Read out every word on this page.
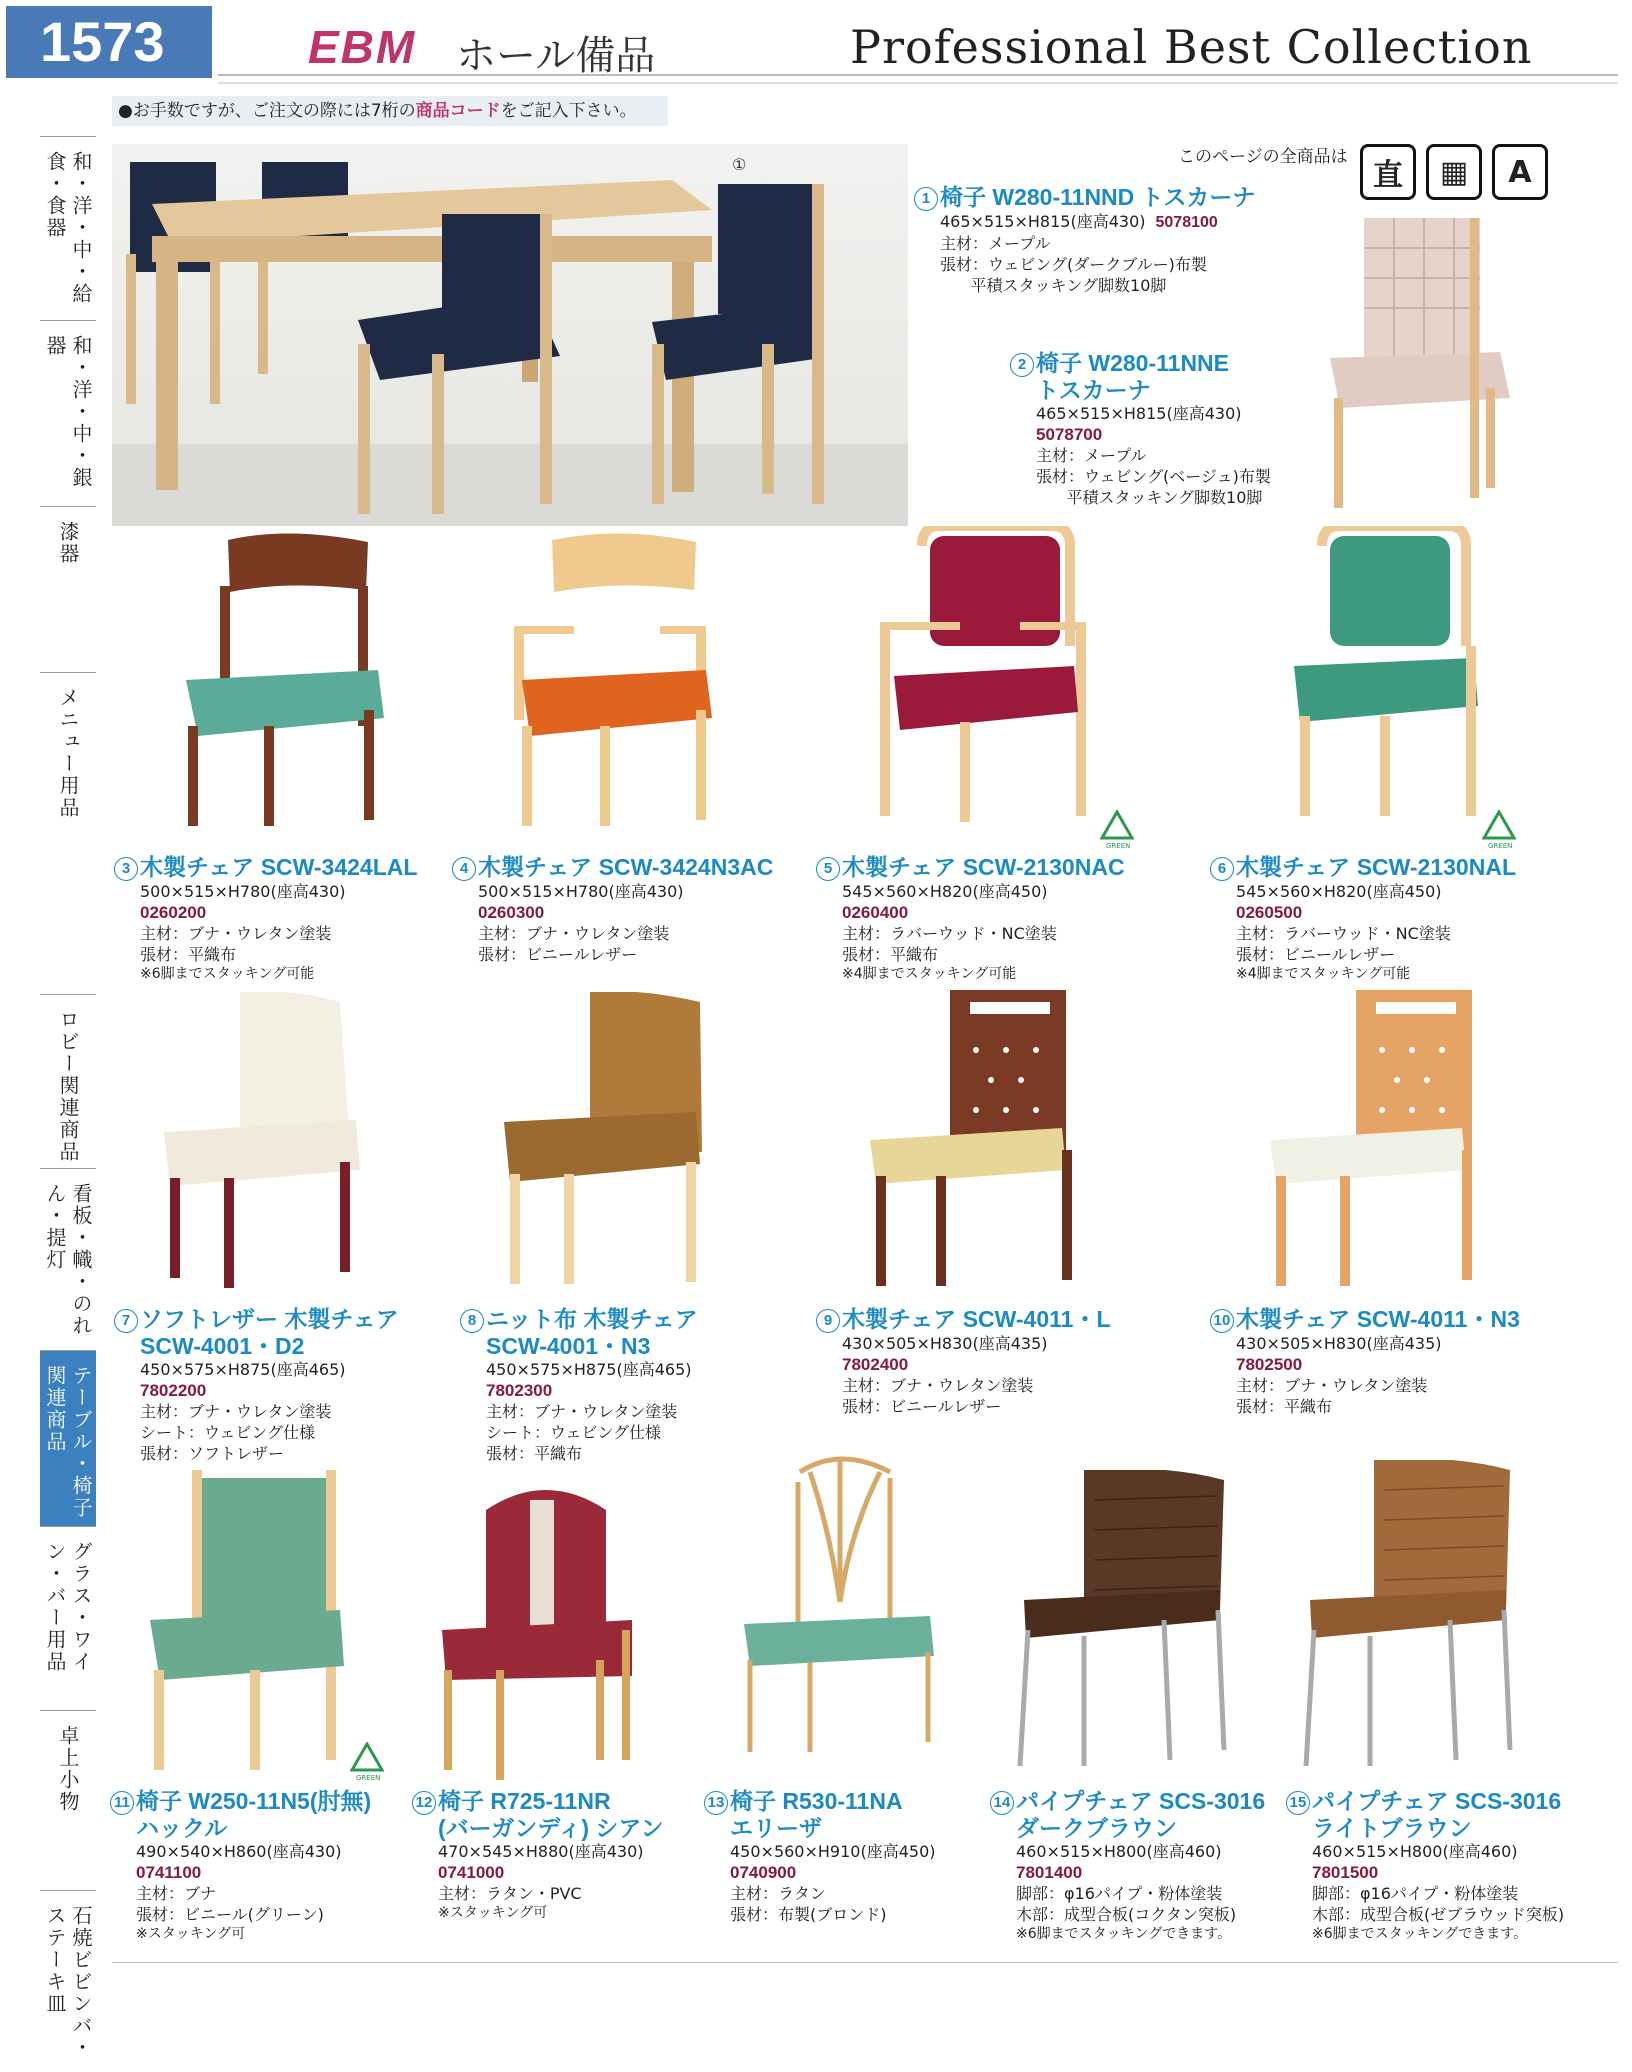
1573	EBM ホール備品	Professional Best Collection
●お手数ですが、ご注文の際には7桁の商品コードをご記入下さい。
和・洋・中・給食・食器
和・洋・中・銀器
漆器
メニュー用品
ロビー関連商品
看板・幟・のれん・提灯
テーブル・椅子関連商品
グラス・ワイン・バー用品
卓上小物
石焼ビビンバ・ステーキ皿
このページの全商品は
直	▦	A
①
GREEN	GREEN
GREEN
1 椅子 W280-11NND トスカーナ
465×515×H815(座高430) 5078100
主材：メープル
張材：ウェビング(ダークブルー)布製
平積スタッキング脚数10脚
2 椅子 W280-11NNE
トスカーナ
465×515×H815(座高430)
5078700
主材：メープル
張材：ウェビング(ベージュ)布製
平積スタッキング脚数10脚
3 木製チェア SCW-3424LAL
500×515×H780(座高430)
0260200
主材：ブナ・ウレタン塗装
張材：平織布
※6脚までスタッキング可能
4 木製チェア SCW-3424N3AC
500×515×H780(座高430)
0260300
主材：ブナ・ウレタン塗装
張材：ビニールレザー
5 木製チェア SCW-2130NAC
545×560×H820(座高450)
0260400
主材：ラバーウッド・NC塗装
張材：平織布
※4脚までスタッキング可能
6 木製チェア SCW-2130NAL
545×560×H820(座高450)
0260500
主材：ラバーウッド・NC塗装
張材：ビニールレザー
※4脚までスタッキング可能
7 ソフトレザー 木製チェア
SCW-4001・D2
450×575×H875(座高465)
7802200
主材：ブナ・ウレタン塗装
シート：ウェビング仕様
張材：ソフトレザー
8 ニット布 木製チェア
SCW-4001・N3
450×575×H875(座高465)
7802300
主材：ブナ・ウレタン塗装
シート：ウェビング仕様
張材：平織布
9 木製チェア SCW-4011・L
430×505×H830(座高435)
7802400
主材：ブナ・ウレタン塗装
張材：ビニールレザー
10 木製チェア SCW-4011・N3
430×505×H830(座高435)
7802500
主材：ブナ・ウレタン塗装
張材：平織布
11 椅子 W250-11N5(肘無)
ハックル
490×540×H860(座高430)
0741100
主材：ブナ
張材：ビニール(グリーン)
※スタッキング可
12 椅子 R725-11NR
(バーガンディ) シアン
470×545×H880(座高430)
0741000
主材：ラタン・PVC
※スタッキング可
13 椅子 R530-11NA
エリーザ
450×560×H910(座高450)
0740900
主材：ラタン
張材：布製(ブロンド)
14 パイプチェア SCS-3016
ダークブラウン
460×515×H800(座高460)
7801400
脚部：φ16パイプ・粉体塗装
木部：成型合板(コクタン突板)
※6脚までスタッキングできます。
15 パイプチェア SCS-3016
ライトブラウン
460×515×H800(座高460)
7801500
脚部：φ16パイプ・粉体塗装
木部：成型合板(ゼブラウッド突板)
※6脚までスタッキングできます。
